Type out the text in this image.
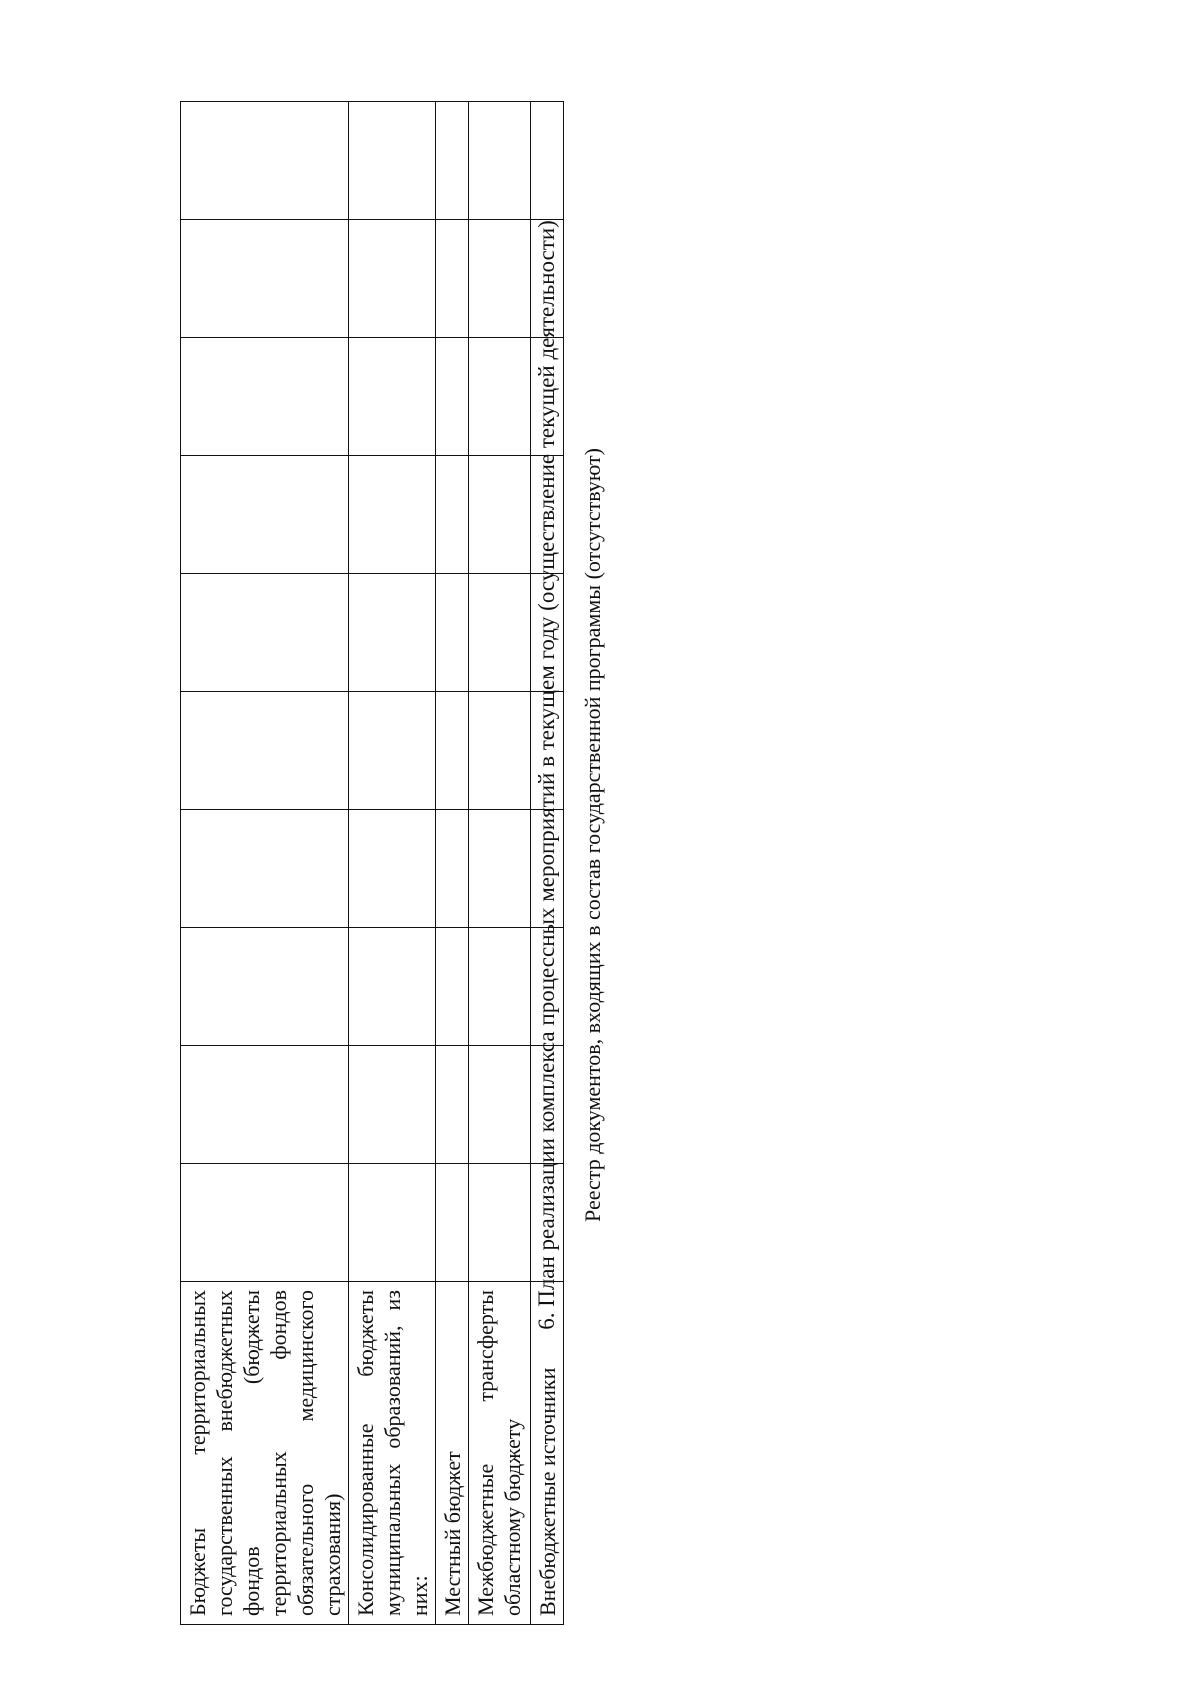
Бюджеты территориальных государственных внебюджетных фондов (бюджеты территориальных фондов обязательного медицинского страхования)										
Консолидированные бюджеты муниципальных образований, из них:										
Местный бюджет										
Межбюджетные трансферты областному бюджету										
Внебюджетные источники										
6. План реализации комплекса процессных мероприятий в текущем году (осуществление текущей деятельности) Реестр документов, входящих в состав государственной программы (отсутствуют)
